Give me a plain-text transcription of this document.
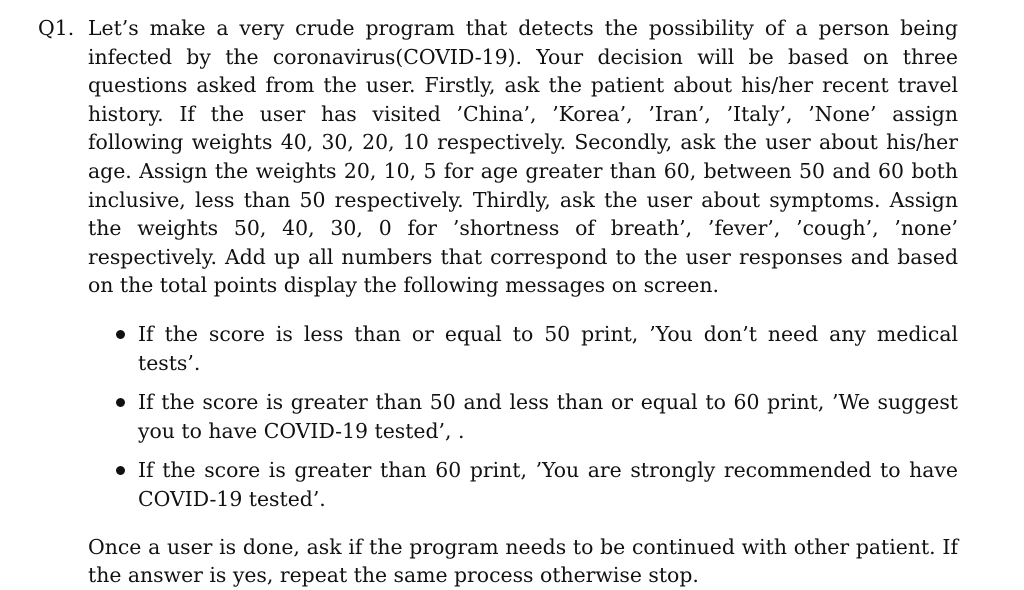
Q1. Let’s make a very crude program that detects the possibility of a person being infected by the coronavirus(COVID-19). Your decision will be based on three questions asked from the user. Firstly, ask the patient about his/her recent travel history. If the user has visited ’China’, ’Korea’, ’Iran’, ’Italy’, ’None’ assign following weights 40, 30, 20, 10 respectively. Secondly, ask the user about his/her age. Assign the weights 20, 10, 5 for age greater than 60, between 50 and 60 both inclusive, less than 50 respectively. Thirdly, ask the user about symptoms. Assign the weights 50, 40, 30, 0 for ’shortness of breath’, ’fever’, ’cough’, ’none’ respectively. Add up all numbers that correspond to the user responses and based on the total points display the following messages on screen.

If the score is less than or equal to 50 print, ’You don’t need any medical tests’.
If the score is greater than 50 and less than or equal to 60 print, ’We suggest you to have COVID-19 tested’, .
If the score is greater than 60 print, ’You are strongly recommended to have COVID-19 tested’.

Once a user is done, ask if the program needs to be continued with other patient. If the answer is yes, repeat the same process otherwise stop.
